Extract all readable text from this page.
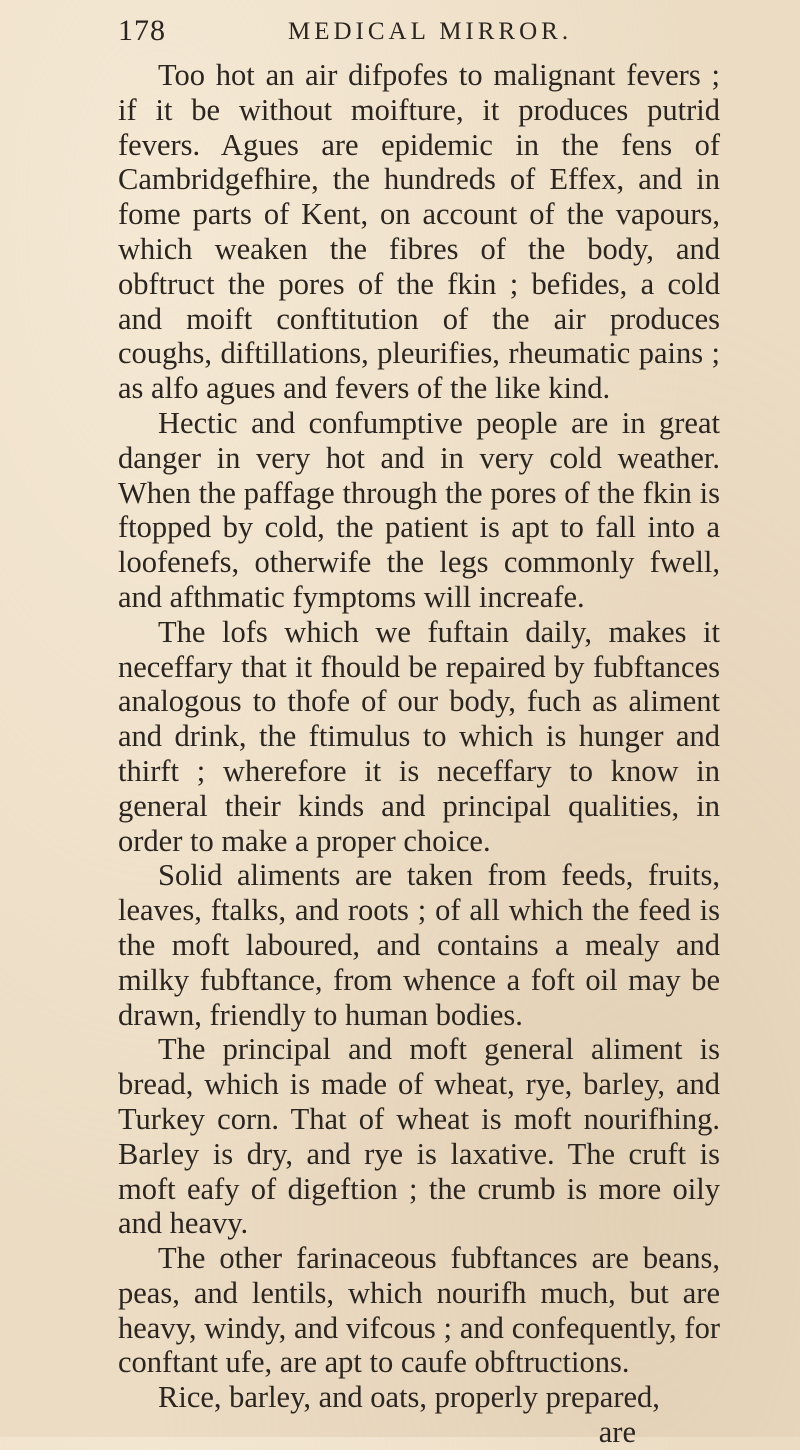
178	MEDICAL MIRROR.

Too hot an air difpofes to malignant fevers ; if it be without moifture, it produces putrid fevers. Agues are epidemic in the fens of Cambridgefhire, the hundreds of Effex, and in fome parts of Kent, on account of the vapours, which weaken the fibres of the body, and obftruct the pores of the fkin ; befides, a cold and moift conftitution of the air produces coughs, diftillations, pleurifies, rheumatic pains ; as alfo agues and fevers of the like kind.

Hectic and confumptive people are in great danger in very hot and in very cold weather. When the paffage through the pores of the fkin is ftopped by cold, the patient is apt to fall into a loofenefs, otherwife the legs commonly fwell, and afthmatic fymptoms will increafe.

The lofs which we fuftain daily, makes it neceffary that it fhould be repaired by fubftances analogous to thofe of our body, fuch as aliment and drink, the ftimulus to which is hunger and thirft ; wherefore it is neceffary to know in general their kinds and principal qualities, in order to make a proper choice.

Solid aliments are taken from feeds, fruits, leaves, ftalks, and roots ; of all which the feed is the moft laboured, and contains a mealy and milky fubftance, from whence a foft oil may be drawn, friendly to human bodies.

The principal and moft general aliment is bread, which is made of wheat, rye, barley, and Turkey corn. That of wheat is moft nourifhing. Barley is dry, and rye is laxative. The cruft is moft eafy of digeftion ; the crumb is more oily and heavy.

The other farinaceous fubftances are beans, peas, and lentils, which nourifh much, but are heavy, windy, and vifcous ; and confequently, for conftant ufe, are apt to caufe obftructions.

Rice, barley, and oats, properly prepared,

are
